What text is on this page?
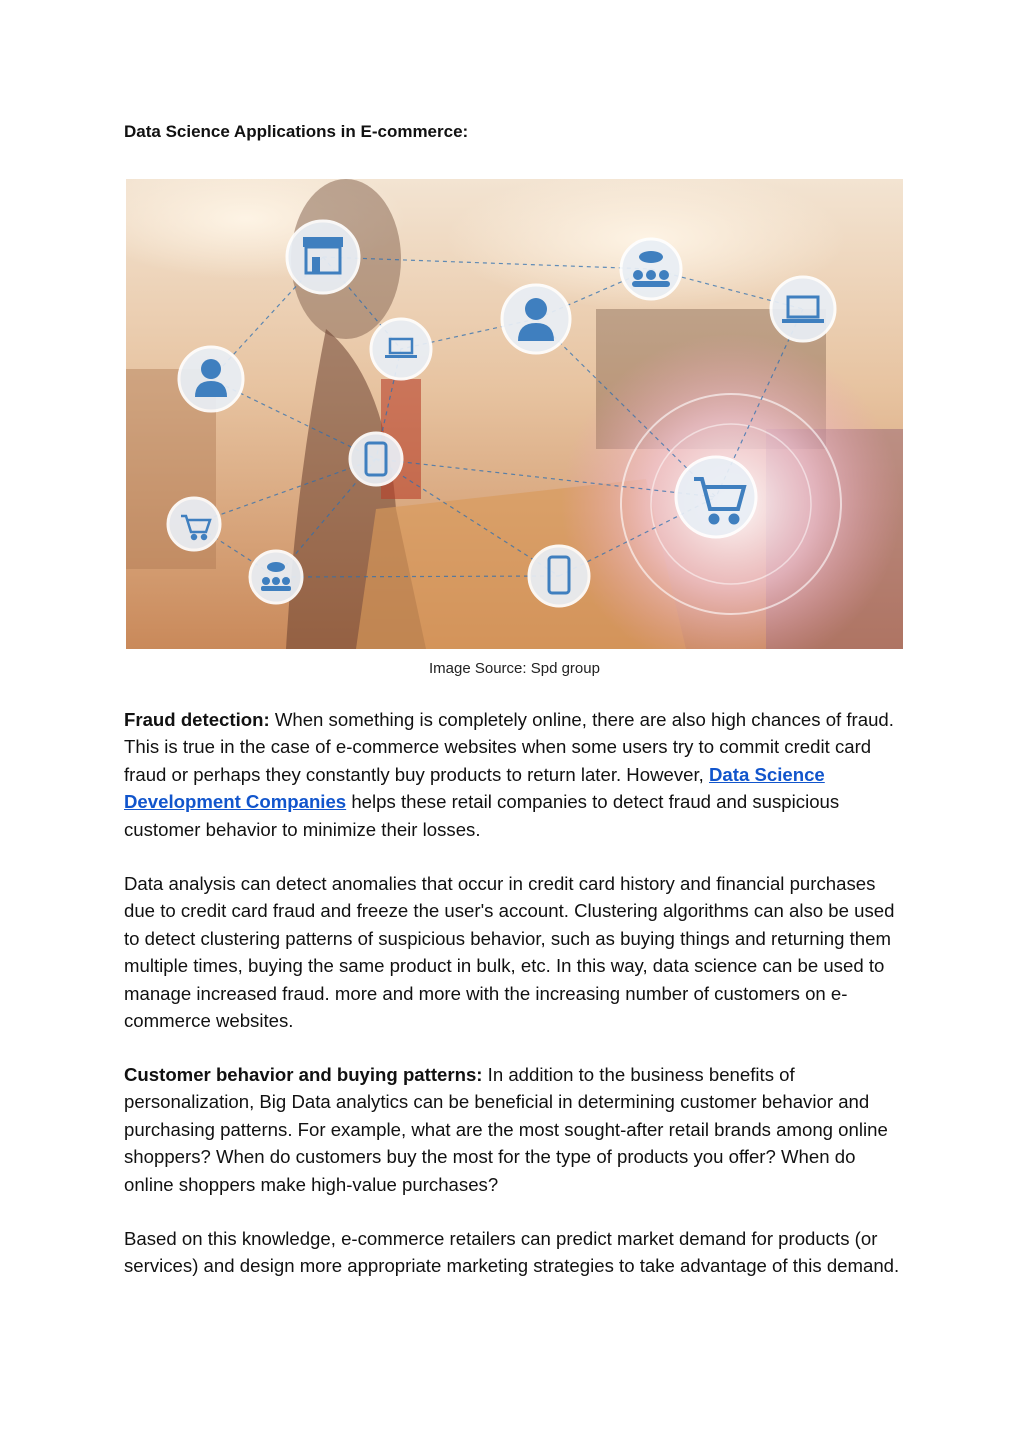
Data Science Applications in E-commerce:
Image Source: Spd group

Fraud detection: When something is completely online, there are also high chances of fraud. This is true in the case of e-commerce websites when some users try to commit credit card fraud or perhaps they constantly buy products to return later. However, Data Science Development Companies helps these retail companies to detect fraud and suspicious customer behavior to minimize their losses.

Data analysis can detect anomalies that occur in credit card history and financial purchases due to credit card fraud and freeze the user's account. Clustering algorithms can also be used to detect clustering patterns of suspicious behavior, such as buying things and returning them multiple times, buying the same product in bulk, etc. In this way, data science can be used to manage increased fraud. more and more with the increasing number of customers on e-commerce websites.

Customer behavior and buying patterns: In addition to the business benefits of personalization, Big Data analytics can be beneficial in determining customer behavior and purchasing patterns. For example, what are the most sought-after retail brands among online shoppers? When do customers buy the most for the type of products you offer? When do online shoppers make high-value purchases?

Based on this knowledge, e-commerce retailers can predict market demand for products (or services) and design more appropriate marketing strategies to take advantage of this demand.
